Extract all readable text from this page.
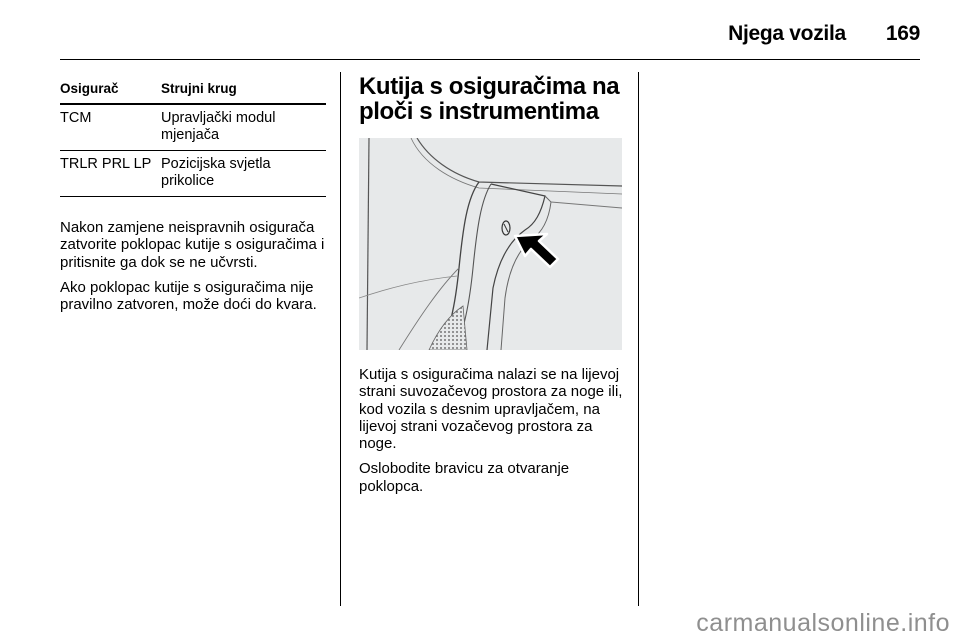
Njega vozila 169
Osigurač	Strujni krug
TCM	Upravljački modul mjenjača
TRLR PRL LP	Pozicijska svjetla prikolice

Nakon zamjene neispravnih osigurača zatvorite poklopac kutije s osiguračima i pritisnite ga dok se ne učvrsti.

Ako poklopac kutije s osiguračima nije pravilno zatvoren, može doći do kvara.

Kutija s osiguračima na ploči s instrumentima

Kutija s osiguračima nalazi se na lijevoj strani suvozačevog prostora za noge ili, kod vozila s desnim upravljačem, na lijevoj strani vozačevog prostora za noge.

Oslobodite bravicu za otvaranje poklopca.

carmanualsonline.info
